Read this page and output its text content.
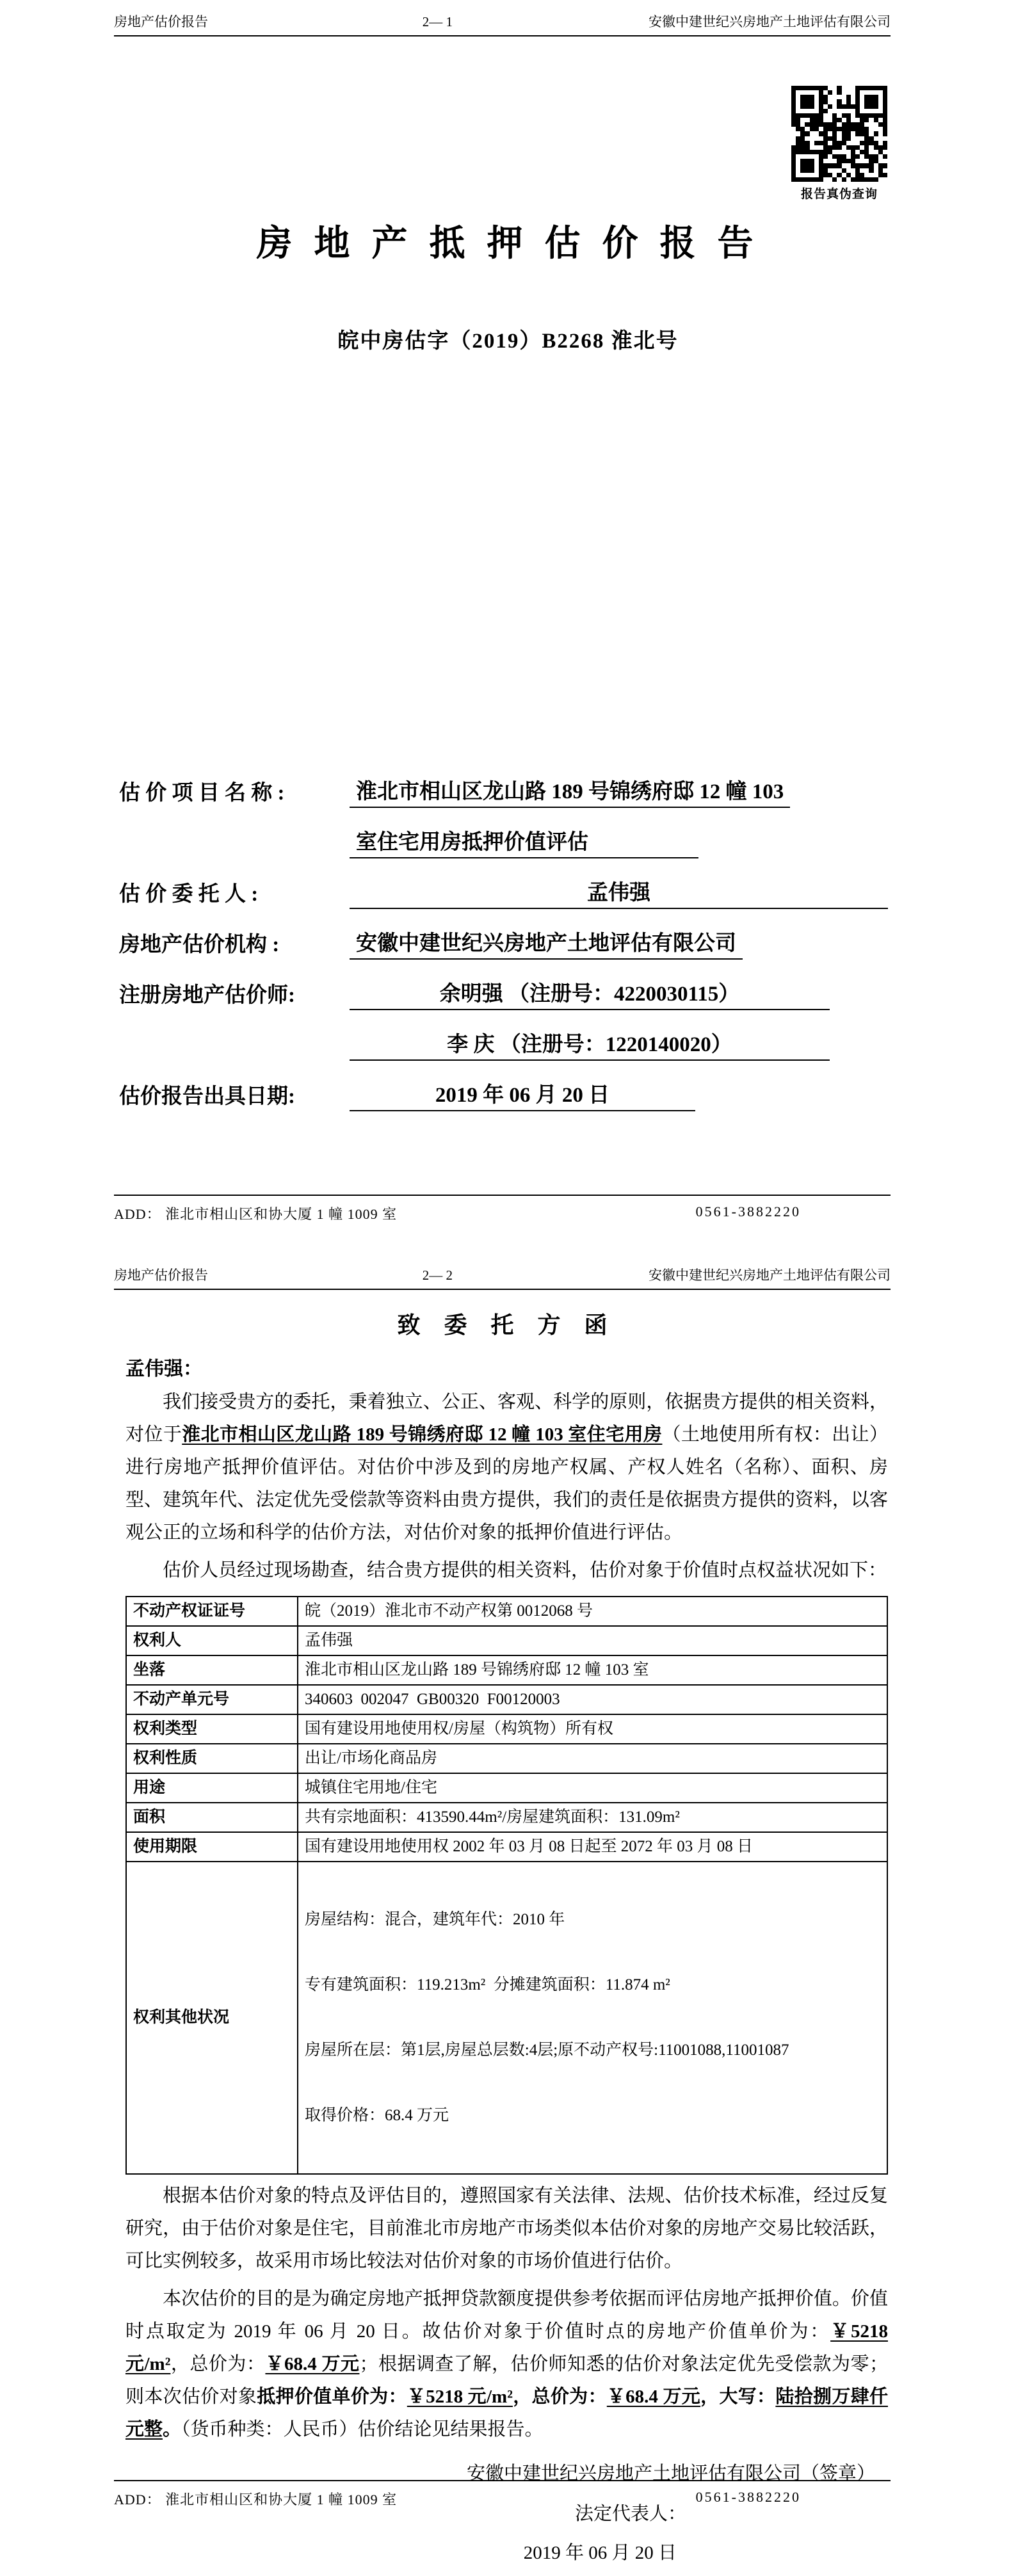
房地产估价报告	2— 1	安徽中建世纪兴房地产土地评估有限公司
报告真伪查询
房 地 产 抵 押 估 价 报 告
皖中房估字（2019）B2268 淮北号
估 价 项 目 名 称 :	淮北市相山区龙山路 189 号锦绣府邸 12 幢 103
室住宅用房抵押价值评估
估 价 委 托 人 :	孟伟强
房地产估价机构 :	安徽中建世纪兴房地产土地评估有限公司
注册房地产估价师:	余明强 （注册号：4220030115）
李 庆 （注册号：1220140020）
估价报告出具日期:	2019 年 06 月 20 日
ADD： 淮北市相山区和协大厦 1 幢 1009 室	0561-3882220
房地产估价报告	2— 2	安徽中建世纪兴房地产土地评估有限公司
致 委 托 方 函
孟伟强：

我们接受贵方的委托，秉着独立、公正、客观、科学的原则，依据贵方提供的相关资料，对位于淮北市相山区龙山路 189 号锦绣府邸 12 幢 103 室住宅用房（土地使用所有权：出让）进行房地产抵押价值评估。对估价中涉及到的房地产权属、产权人姓名（名称）、面积、房型、建筑年代、法定优先受偿款等资料由贵方提供，我们的责任是依据贵方提供的资料，以客观公正的立场和科学的估价方法，对估价对象的抵押价值进行评估。

估价人员经过现场勘查，结合贵方提供的相关资料，估价对象于价值时点权益状况如下：

不动产权证证号	皖（2019）淮北市不动产权第 0012068 号
权利人	孟伟强
坐落	淮北市相山区龙山路 189 号锦绣府邸 12 幢 103 室
不动产单元号	340603  002047  GB00320  F00120003
权利类型	国有建设用地使用权/房屋（构筑物）所有权
权利性质	出让/市场化商品房
用途	城镇住宅用地/住宅
面积	共有宗地面积：413590.44m²/房屋建筑面积：131.09m²
使用期限	国有建设用地使用权 2002 年 03 月 08 日起至 2072 年 03 月 08 日
权利其他状况	房屋结构：混合，建筑年代：2010 年

专有建筑面积：119.213m²  分摊建筑面积：11.874 m²

房屋所在层：第1层,房屋总层数:4层;原不动产权号:11001088,11001087

取得价格：68.4 万元

根据本估价对象的特点及评估目的，遵照国家有关法律、法规、估价技术标准，经过反复研究，由于估价对象是住宅，目前淮北市房地产市场类似本估价对象的房地产交易比较活跃，可比实例较多，故采用市场比较法对估价对象的市场价值进行估价。

本次估价的目的是为确定房地产抵押贷款额度提供参考依据而评估房地产抵押价值。价值时点取定为 2019 年 06 月 20 日。故估价对象于价值时点的房地产价值单价为：￥5218 元/m²，总价为：￥68.4 万元；根据调查了解，估价师知悉的估价对象法定优先受偿款为零；则本次估价对象抵押价值单价为：￥5218 元/m²，总价为：￥68.4 万元，大写：陆拾捌万肆仟元整。（货币种类：人民币）估价结论见结果报告。

安徽中建世纪兴房地产土地评估有限公司（签章）
法定代表人：
2019 年 06 月 20 日
ADD： 淮北市相山区和协大厦 1 幢 1009 室	0561-3882220
